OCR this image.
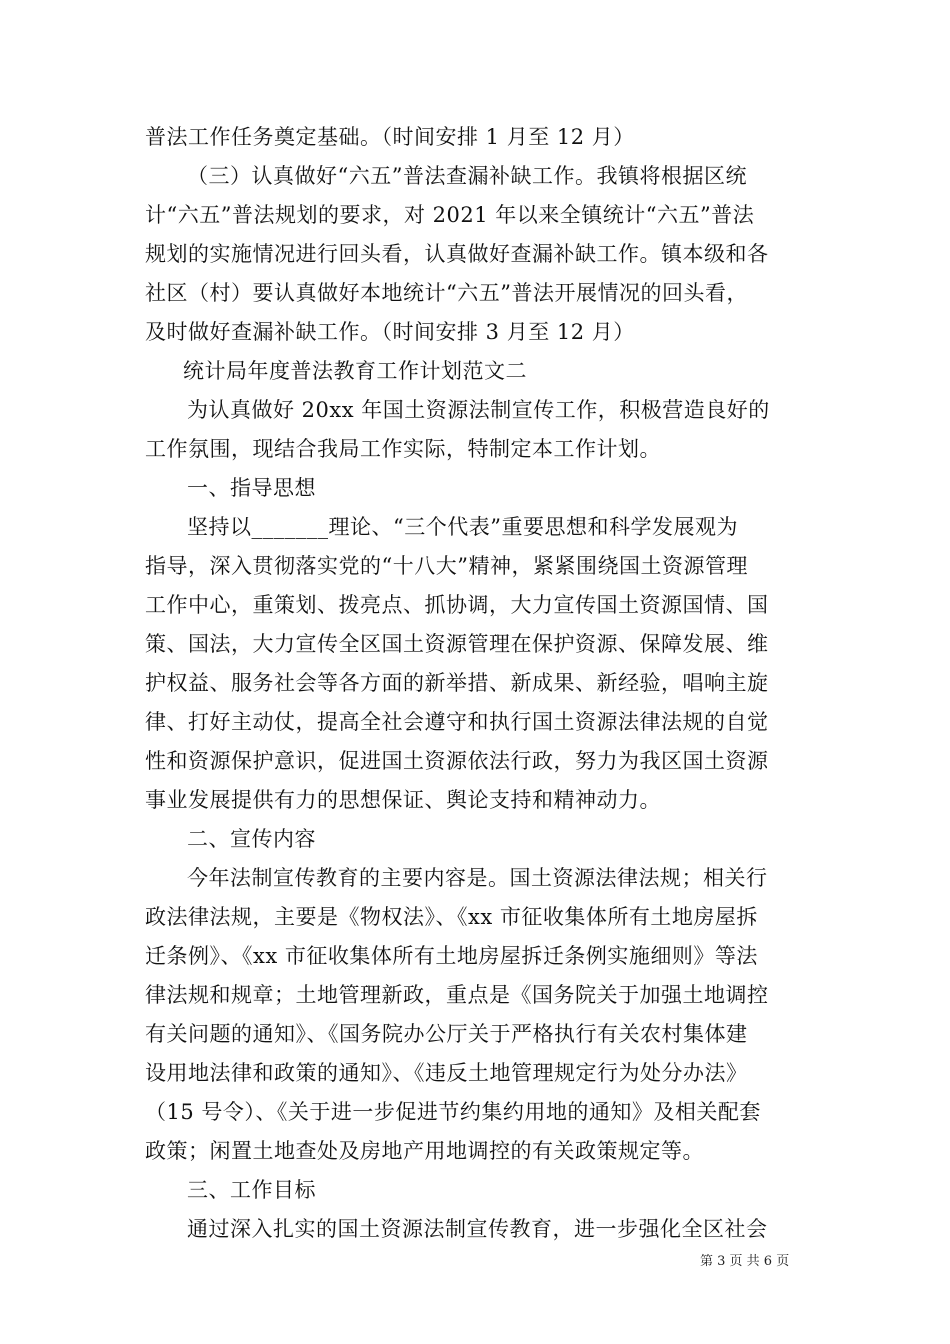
普法工作任务奠定基础。（时间安排 1 月至 12 月）
（三）认真做好“六五”普法查漏补缺工作。我镇将根据区统
计“六五”普法规划的要求，对 2021 年以来全镇统计“六五”普法
规划的实施情况进行回头看，认真做好查漏补缺工作。镇本级和各
社区（村）要认真做好本地统计“六五”普法开展情况的回头看，
及时做好查漏补缺工作。（时间安排 3 月至 12 月）
统计局年度普法教育工作计划范文二
为认真做好 20xx 年国土资源法制宣传工作，积极营造良好的
工作氛围，现结合我局工作实际，特制定本工作计划。
一、指导思想
坚持以_______理论、“三个代表”重要思想和科学发展观为
指导，深入贯彻落实党的“十八大”精神，紧紧围绕国土资源管理
工作中心，重策划、拨亮点、抓协调，大力宣传国土资源国情、国
策、国法，大力宣传全区国土资源管理在保护资源、保障发展、维
护权益、服务社会等各方面的新举措、新成果、新经验，唱响主旋
律、打好主动仗，提高全社会遵守和执行国土资源法律法规的自觉
性和资源保护意识，促进国土资源依法行政，努力为我区国土资源
事业发展提供有力的思想保证、舆论支持和精神动力。
二、宣传内容
今年法制宣传教育的主要内容是。国土资源法律法规；相关行
政法律法规，主要是《物权法》、《xx 市征收集体所有土地房屋拆
迁条例》、《xx 市征收集体所有土地房屋拆迁条例实施细则》等法
律法规和规章；土地管理新政，重点是《国务院关于加强土地调控
有关问题的通知》、《国务院办公厅关于严格执行有关农村集体建
设用地法律和政策的通知》、《违反土地管理规定行为处分办法》
（15 号令）、《关于进一步促进节约集约用地的通知》及相关配套
政策；闲置土地查处及房地产用地调控的有关政策规定等。
三、工作目标
通过深入扎实的国土资源法制宣传教育，进一步强化全区社会
第 3 页 共 6 页
